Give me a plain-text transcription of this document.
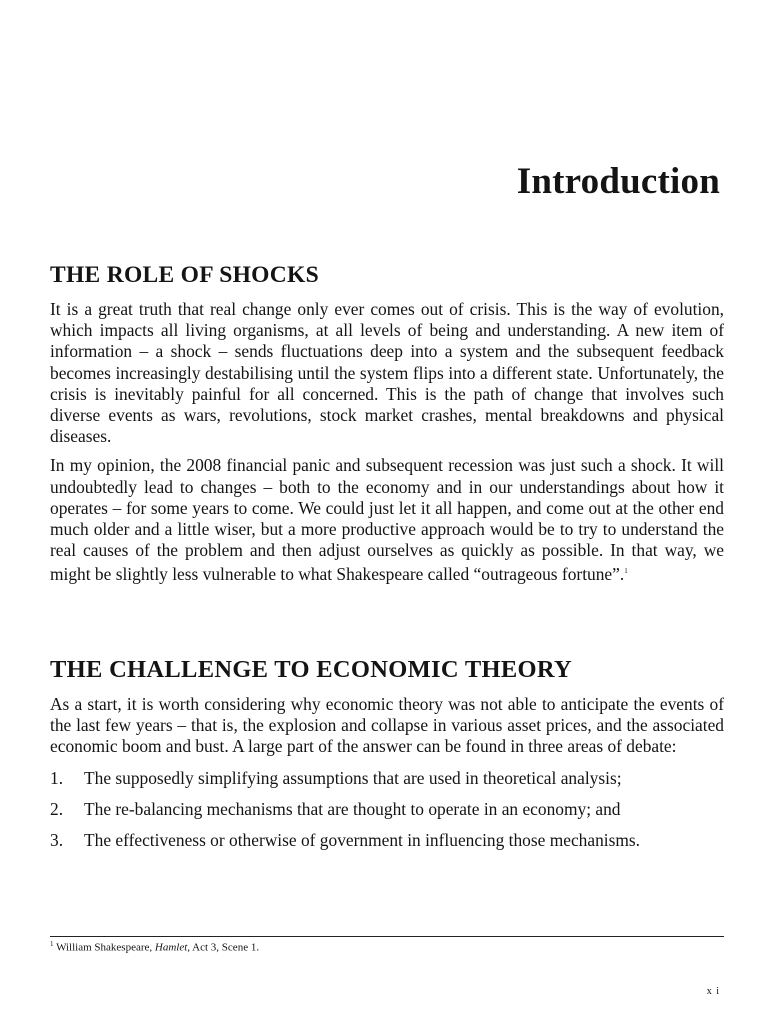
Introduction
THE ROLE OF SHOCKS

It is a great truth that real change only ever comes out of crisis. This is the way of evolution, which impacts all living organisms, at all levels of being and understanding. A new item of information – a shock – sends fluctuations deep into a system and the subsequent feedback becomes increasingly destabilising until the system flips into a different state. Unfortunately, the crisis is inevitably painful for all concerned. This is the path of change that involves such diverse events as wars, revolutions, stock market crashes, mental breakdowns and physical diseases.

In my opinion, the 2008 financial panic and subsequent recession was just such a shock. It will undoubtedly lead to changes – both to the economy and in our understandings about how it operates – for some years to come. We could just let it all happen, and come out at the other end much older and a little wiser, but a more productive approach would be to try to understand the real causes of the problem and then adjust ourselves as quickly as possible. In that way, we might be slightly less vulnerable to what Shakespeare called “outrageous fortune”.$^1$

THE CHALLENGE TO ECONOMIC THEORY

As a start, it is worth considering why economic theory was not able to anticipate the events of the last few years – that is, the explosion and collapse in various asset prices, and the associated economic boom and bust. A large part of the answer can be found in three areas of debate:

1. The supposedly simplifying assumptions that are used in theoretical analysis;
2. The re-balancing mechanisms that are thought to operate in an economy; and
3. The effectiveness or otherwise of government in influencing those mechanisms.

$^1$ William Shakespeare, Hamlet, Act 3, Scene 1.

x i
